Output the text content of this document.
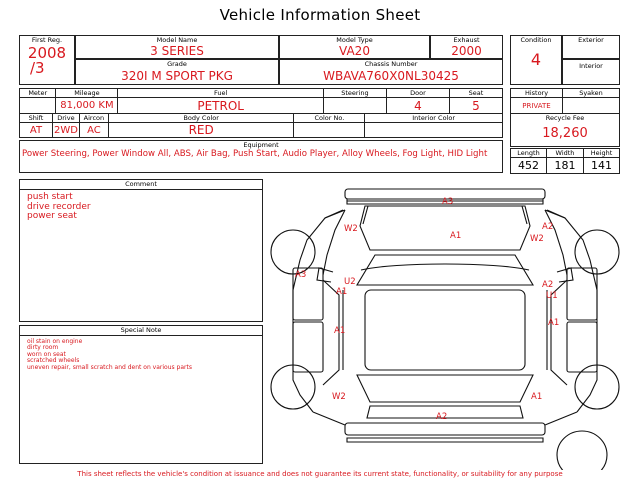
Vehicle Information Sheet
First Reg.
2008
/3
Model Name
3 SERIES
Model Type
VA20
Exhaust
2000
Grade
320I M SPORT PKG
Chassis Number
WBAVA760X0NL30425
Condition
4
Exterior
Interior
Meter	Mileage	Fuel	Steering	Door	Seat
	81,000 KM	PETROL		4	5
Shift	Drive	Aircon	Body Color	Color No.	Interior Color
AT	2WD	AC	RED		
Equipment
Power Steering, Power Window All, ABS, Air Bag, Push Start, Audio Player, Alloy Wheels, Fog Light, HID Light
History	Syaken
PRIVATE	
Recycle Fee
18,260
Length	Width	Height
452	181	141
Comment
push start
drive recorder
power seat
Special Note
oil stain on engine
dirty room
worn on seat
scratched wheels
uneven repair, small scratch and dent on various parts
A3
A1
W2	A2
W2
A3
U2
A1
A2
U1
A1
A1
W2	A1
A2
This sheet reflects the vehicle's condition at issuance and does not guarantee its current state, functionality, or suitability for any purpose
